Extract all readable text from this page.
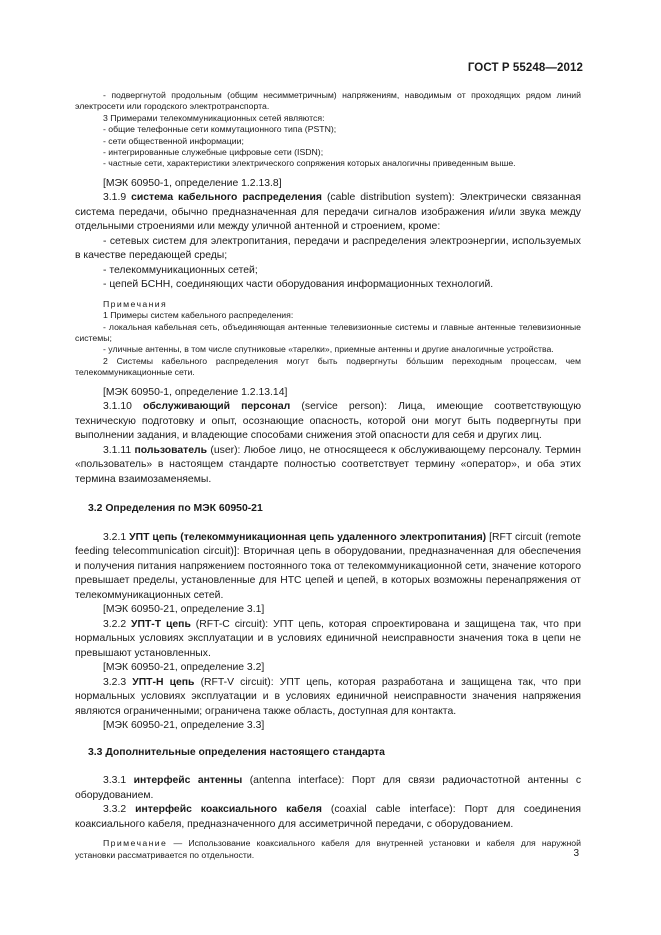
ГОСТ Р 55248—2012

- подвергнутой продольным (общим несимметричным) напряжениям, наводимым от проходящих рядом линий электросети или городского электротранспорта.

3 Примерами телекоммуникационных сетей являются:

- общие телефонные сети коммутационного типа (PSTN);

- сети общественной информации;

- интегрированные служебные цифровые сети (ISDN);

- частные сети, характеристики электрического сопряжения которых аналогичны приведенным выше.

[МЭК 60950-1, определение 1.2.13.8]

3.1.9 система кабельного распределения (cable distribution system): Электрически связанная система передачи, обычно предназначенная для передачи сигналов изображения и/или звука между отдельными строениями или между уличной антенной и строением, кроме:

- сетевых систем для электропитания, передачи и распределения электроэнергии, используемых в качестве передающей среды;

- телекоммуникационных сетей;

- цепей БСНН, соединяющих части оборудования информационных технологий.

Примечания

1 Примеры систем кабельного распределения:

- локальная кабельная сеть, объединяющая антенные телевизионные системы и главные антенные телевизионные системы;

- уличные антенны, в том числе спутниковые «тарелки», приемные антенны и другие аналогичные устройства.

2 Системы кабельного распределения могут быть подвергнуты бо́льшим переходным процессам, чем телекоммуникационные сети.

[МЭК 60950-1, определение 1.2.13.14]

3.1.10 обслуживающий персонал (service person): Лица, имеющие соответствующую техническую подготовку и опыт, осознающие опасность, которой они могут быть подвергнуты при выполнении задания, и владеющие способами снижения этой опасности для себя и других лиц.

3.1.11 пользователь (user): Любое лицо, не относящееся к обслуживающему персоналу. Термин «пользователь» в настоящем стандарте полностью соответствует термину «оператор», и оба этих термина взаимозаменяемы.

3.2 Определения по МЭК 60950-21

3.2.1 УПТ цепь (телекоммуникационная цепь удаленного электропитания) [RFT circuit (remote feeding telecommunication circuit)]: Вторичная цепь в оборудовании, предназначенная для обеспечения и получения питания напряжением постоянного тока от телекоммуникационной сети, значение которого превышает пределы, установленные для НТС цепей и цепей, в которых возможны перенапряжения от телекоммуникационных сетей.

[МЭК 60950-21, определение 3.1]

3.2.2 УПТ-Т цепь (RFT-C circuit): УПТ цепь, которая спроектирована и защищена так, что при нормальных условиях эксплуатации и в условиях единичной неисправности значения тока в цепи не превышают установленных.

[МЭК 60950-21, определение 3.2]

3.2.3 УПТ-Н цепь (RFT-V circuit): УПТ цепь, которая разработана и защищена так, что при нормальных условиях эксплуатации и в условиях единичной неисправности значения напряжения являются ограниченными; ограничена также область, доступная для контакта.

[МЭК 60950-21, определение 3.3]

3.3 Дополнительные определения настоящего стандарта

3.3.1 интерфейс антенны (antenna interface): Порт для связи радиочастотной антенны с оборудованием.

3.3.2 интерфейс коаксиального кабеля (coaxial cable interface): Порт для соединения коаксиального кабеля, предназначенного для ассиметричной передачи, с оборудованием.

Примечание — Использование коаксиального кабеля для внутренней установки и кабеля для наружной установки рассматривается по отдельности.	3
